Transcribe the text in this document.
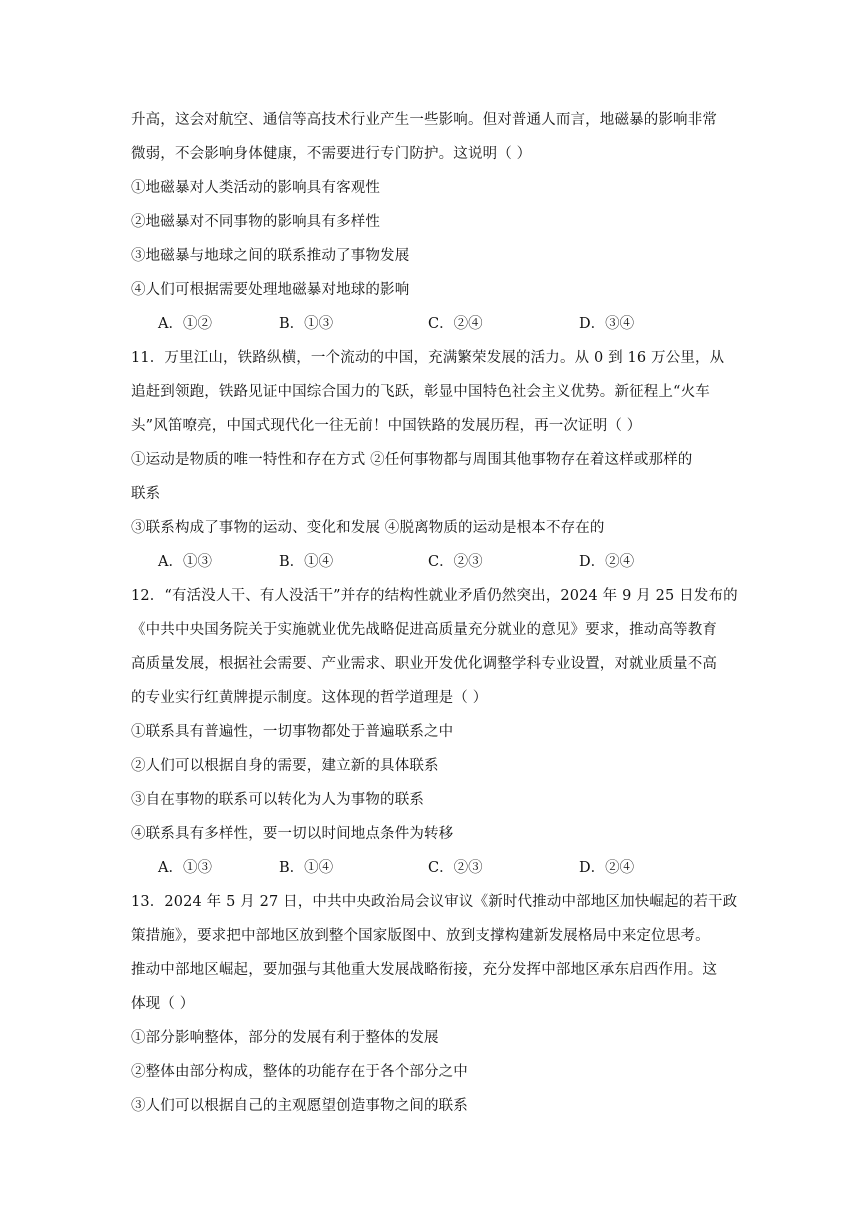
升高，这会对航空、通信等高技术行业产生一些影响。但对普通人而言，地磁暴的影响非常
微弱，不会影响身体健康，不需要进行专门防护。这说明（ ）
①地磁暴对人类活动的影响具有客观性
②地磁暴对不同事物的影响具有多样性
③地磁暴与地球之间的联系推动了事物发展
④人们可根据需要处理地磁暴对地球的影响
A．①②	B．①③	C．②④	D．③④
11．万里江山，铁路纵横，一个流动的中国，充满繁荣发展的活力。从 0 到 16 万公里，从
追赶到领跑，铁路见证中国综合国力的飞跃，彰显中国特色社会主义优势。新征程上“火车
头”风笛嘹亮，中国式现代化一往无前！中国铁路的发展历程，再一次证明（ ）
①运动是物质的唯一特性和存在方式 ②任何事物都与周围其他事物存在着这样或那样的
联系
③联系构成了事物的运动、变化和发展 ④脱离物质的运动是根本不存在的
A．①③	B．①④	C．②③	D．②④
12．“有活没人干、有人没活干”并存的结构性就业矛盾仍然突出，2024 年 9 月 25 日发布的
《中共中央国务院关于实施就业优先战略促进高质量充分就业的意见》要求，推动高等教育
高质量发展，根据社会需要、产业需求、职业开发优化调整学科专业设置，对就业质量不高
的专业实行红黄牌提示制度。这体现的哲学道理是（ ）
①联系具有普遍性，一切事物都处于普遍联系之中
②人们可以根据自身的需要，建立新的具体联系
③自在事物的联系可以转化为人为事物的联系
④联系具有多样性，要一切以时间地点条件为转移
A．①③	B．①④	C．②③	D．②④
13．2024 年 5 月 27 日，中共中央政治局会议审议《新时代推动中部地区加快崛起的若干政
策措施》，要求把中部地区放到整个国家版图中、放到支撑构建新发展格局中来定位思考。
推动中部地区崛起，要加强与其他重大发展战略衔接，充分发挥中部地区承东启西作用。这
体现（ ）
①部分影响整体，部分的发展有利于整体的发展
②整体由部分构成，整体的功能存在于各个部分之中
③人们可以根据自己的主观愿望创造事物之间的联系
